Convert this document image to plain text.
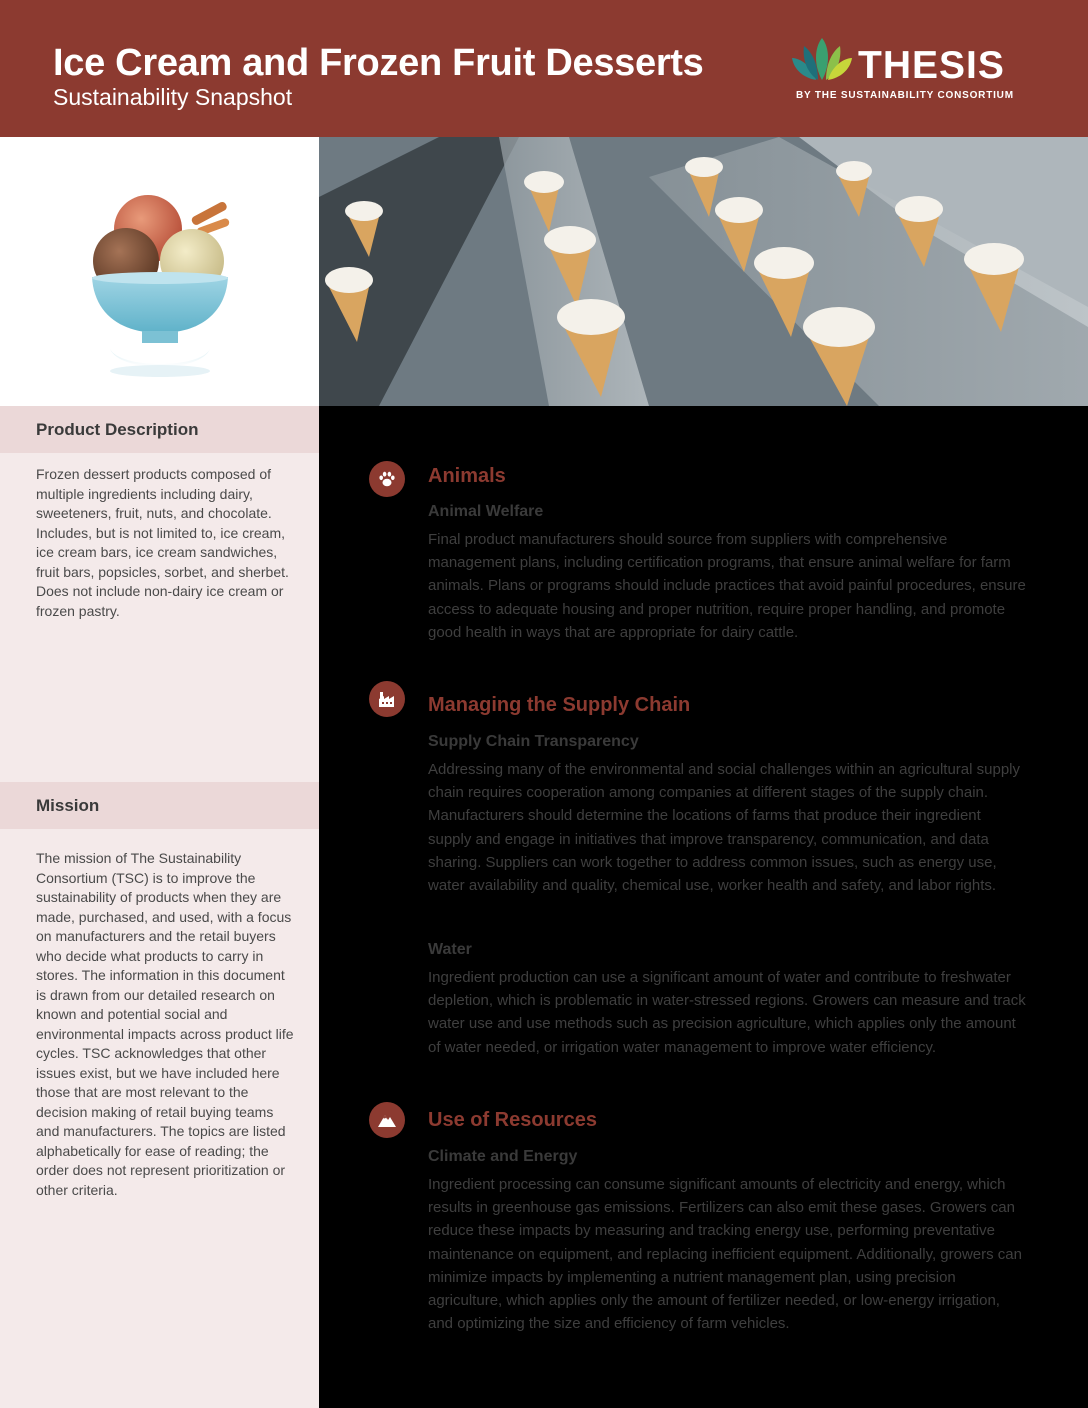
Ice Cream and Frozen Fruit Desserts
Sustainability Snapshot
THESIS
BY THE SUSTAINABILITY CONSORTIUM
Product Description
Frozen dessert products composed of multiple ingredients including dairy, sweeteners, fruit, nuts, and chocolate. Includes, but is not limited to, ice cream, ice cream bars, ice cream sandwiches, fruit bars, popsicles, sorbet, and sherbet. Does not include non-dairy ice cream or frozen pastry.
Mission
The mission of The Sustainability Consortium (TSC) is to improve the sustainability of products when they are made, purchased, and used, with a focus on manufacturers and the retail buyers who decide what products to carry in stores. The information in this document is drawn from our detailed research on known and potential social and environmental impacts across product life cycles. TSC acknowledges that other issues exist, but we have included here those that are most relevant to the decision making of retail buying teams and manufacturers. The topics are listed alphabetically for ease of reading; the order does not represent prioritization or other criteria.
Animals
Animal Welfare
Final product manufacturers should source from suppliers with comprehensive management plans, including certification programs, that ensure animal welfare for farm animals. Plans or programs should include practices that avoid painful procedures, ensure access to adequate housing and proper nutrition, require proper handling, and promote good health in ways that are appropriate for dairy cattle.
Managing the Supply Chain
Supply Chain Transparency
Addressing many of the environmental and social challenges within an agricultural supply chain requires cooperation among companies at different stages of the supply chain. Manufacturers should determine the locations of farms that produce their ingredient supply and engage in initiatives that improve transparency, communication, and data sharing. Suppliers can work together to address common issues, such as energy use, water availability and quality, chemical use, worker health and safety, and labor rights.
Water
Ingredient production can use a significant amount of water and contribute to freshwater depletion, which is problematic in water-stressed regions. Growers can measure and track water use and use methods such as precision agriculture, which applies only the amount of water needed, or irrigation water management to improve water efficiency.
Use of Resources
Climate and Energy
Ingredient processing can consume significant amounts of electricity and energy, which results in greenhouse gas emissions. Fertilizers can also emit these gases. Growers can reduce these impacts by measuring and tracking energy use, performing preventative maintenance on equipment, and replacing inefficient equipment. Additionally, growers can minimize impacts by implementing a nutrient management plan, using precision agriculture, which applies only the amount of fertilizer needed, or low-energy irrigation, and optimizing the size and efficiency of farm vehicles.
